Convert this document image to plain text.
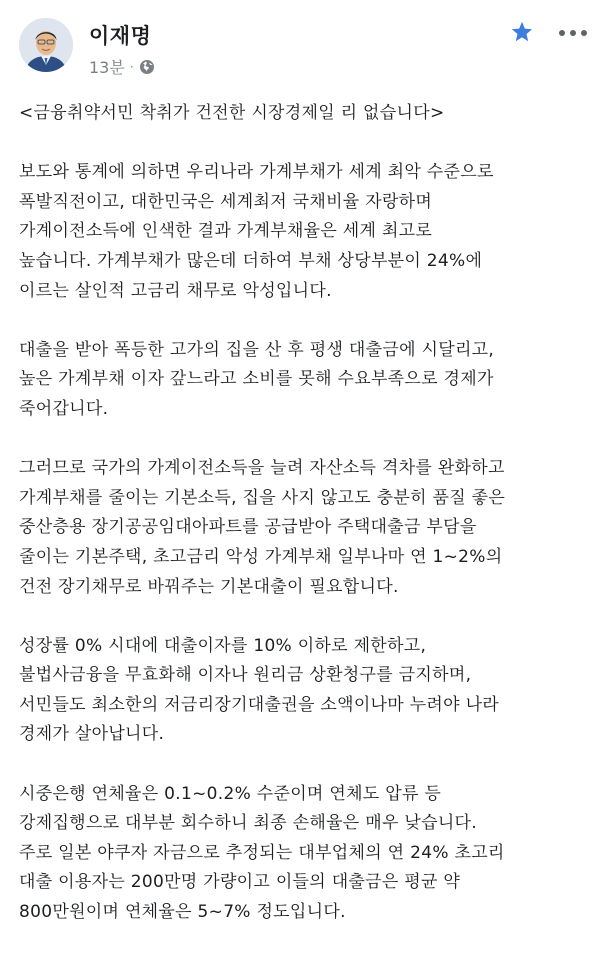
이재명
13분 ·
<금융취약서민 착취가 건전한 시장경제일 리 없습니다>
보도와 통계에 의하면 우리나라 가계부채가 세계 최악 수준으로
폭발직전이고, 대한민국은 세계최저 국채비율 자랑하며
가계이전소득에 인색한 결과 가계부채율은 세계 최고로
높습니다. 가계부채가 많은데 더하여 부채 상당부분이 24%에
이르는 살인적 고금리 채무로 악성입니다.
대출을 받아 폭등한 고가의 집을 산 후 평생 대출금에 시달리고,
높은 가계부채 이자 갚느라고 소비를 못해 수요부족으로 경제가
죽어갑니다.
그러므로 국가의 가계이전소득을 늘려 자산소득 격차를 완화하고
가계부채를 줄이는 기본소득, 집을 사지 않고도 충분히 품질 좋은
중산층용 장기공공임대아파트를 공급받아 주택대출금 부담을
줄이는 기본주택, 초고금리 악성 가계부채 일부나마 연 1~2%의
건전 장기채무로 바꿔주는 기본대출이 필요합니다.
성장률 0% 시대에 대출이자를 10% 이하로 제한하고,
불법사금융을 무효화해 이자나 원리금 상환청구를 금지하며,
서민들도 최소한의 저금리장기대출권을 소액이나마 누려야 나라
경제가 살아납니다.
시중은행 연체율은 0.1~0.2% 수준이며 연체도 압류 등
강제집행으로 대부분 회수하니 최종 손해율은 매우 낮습니다.
주로 일본 야쿠자 자금으로 추정되는 대부업체의 연 24% 초고리
대출 이용자는 200만명 가량이고 이들의 대출금은 평균 약
800만원이며 연체율은 5~7% 정도입니다.
